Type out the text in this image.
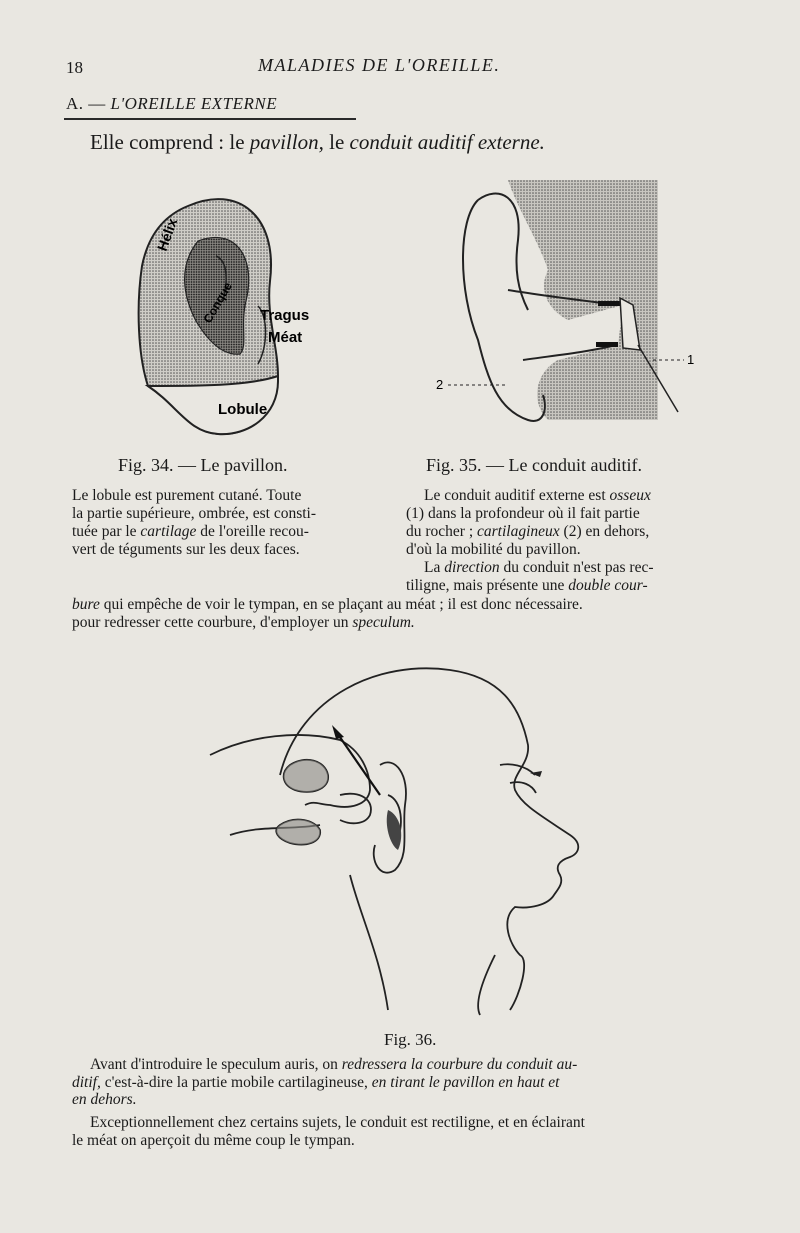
18	MALADIES DE L'OREILLE.
A. — L'OREILLE EXTERNE
Elle comprend : le pavillon, le conduit auditif externe.
Hélix
Conque Tragus
Méat
Lobule
1
2
Fig. 34. — Le pavillon.	Fig. 35. — Le conduit auditif.
Le lobule est purement cutané. Toute
la partie supérieure, ombrée, est consti-
tuée par le cartilage de l'oreille recou-
vert de téguments sur les deux faces.
Le conduit auditif externe est osseux
(1) dans la profondeur où il fait partie
du rocher ; cartilagineux (2) en dehors,
d'où la mobilité du pavillon.
La direction du conduit n'est pas rec-
tiligne, mais présente une double cour-
bure qui empêche de voir le tympan, en se plaçant au méat ; il est donc nécessaire.
pour redresser cette courbure, d'employer un speculum.
Fig. 36.
Avant d'introduire le speculum auris, on redressera la courbure du conduit au-
ditif, c'est-à-dire la partie mobile cartilagineuse, en tirant le pavillon en haut et
en dehors.
Exceptionnellement chez certains sujets, le conduit est rectiligne, et en éclairant
le méat on aperçoit du même coup le tympan.
